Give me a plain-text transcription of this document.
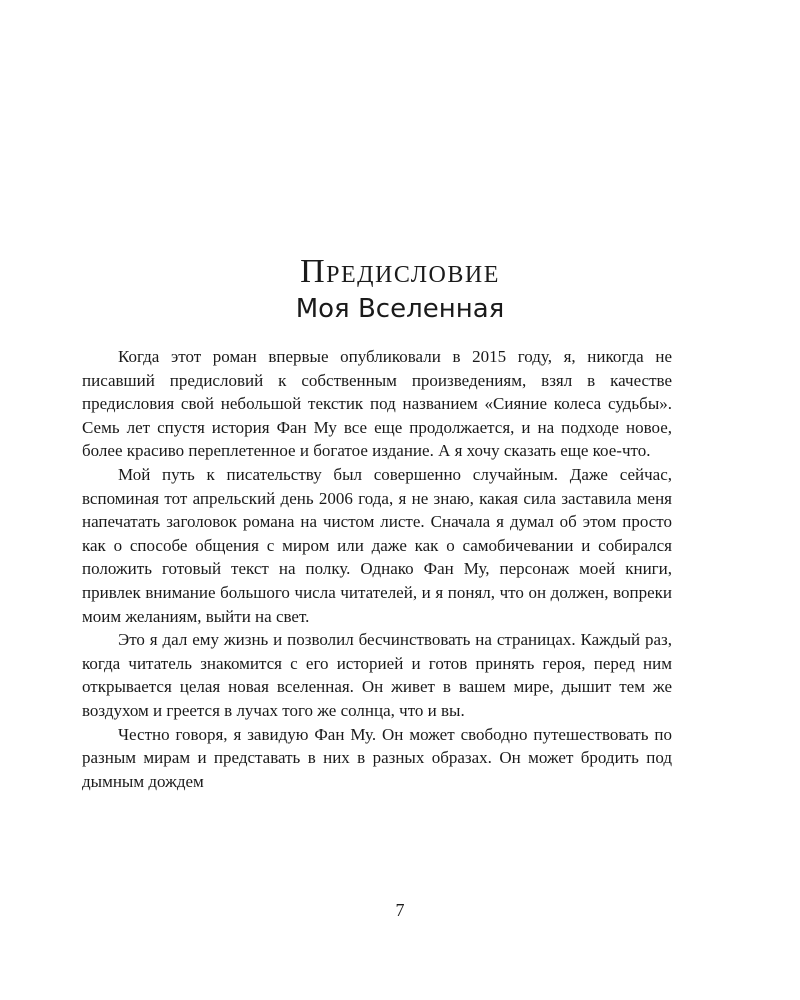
Предисловие
Моя Вселенная

Когда этот роман впервые опубликовали в 2015 году, я, никогда не писавший предисловий к собственным произведениям, взял в качестве предисловия свой небольшой текстик под названием «Сияние колеса судьбы». Семь лет спустя история Фан Му все еще продолжается, и на подходе новое, более красиво переплетенное и богатое издание. А я хочу сказать еще кое-что.

Мой путь к писательству был совершенно случайным. Даже сейчас, вспоминая тот апрельский день 2006 года, я не знаю, какая сила заставила меня напечатать заголовок романа на чистом листе. Сначала я думал об этом просто как о способе общения с миром или даже как о самобичевании и собирался положить готовый текст на полку. Однако Фан Му, персонаж моей книги, привлек внимание большого числа читателей, и я понял, что он должен, вопреки моим желаниям, выйти на свет.

Это я дал ему жизнь и позволил бесчинствовать на страницах. Каждый раз, когда читатель знакомится с его историей и готов принять героя, перед ним открывается целая новая вселенная. Он живет в вашем мире, дышит тем же воздухом и греется в лучах того же солнца, что и вы.

Честно говоря, я завидую Фан Му. Он может свободно путешествовать по разным мирам и представать в них в разных образах. Он может бродить под дымным дождем

7
